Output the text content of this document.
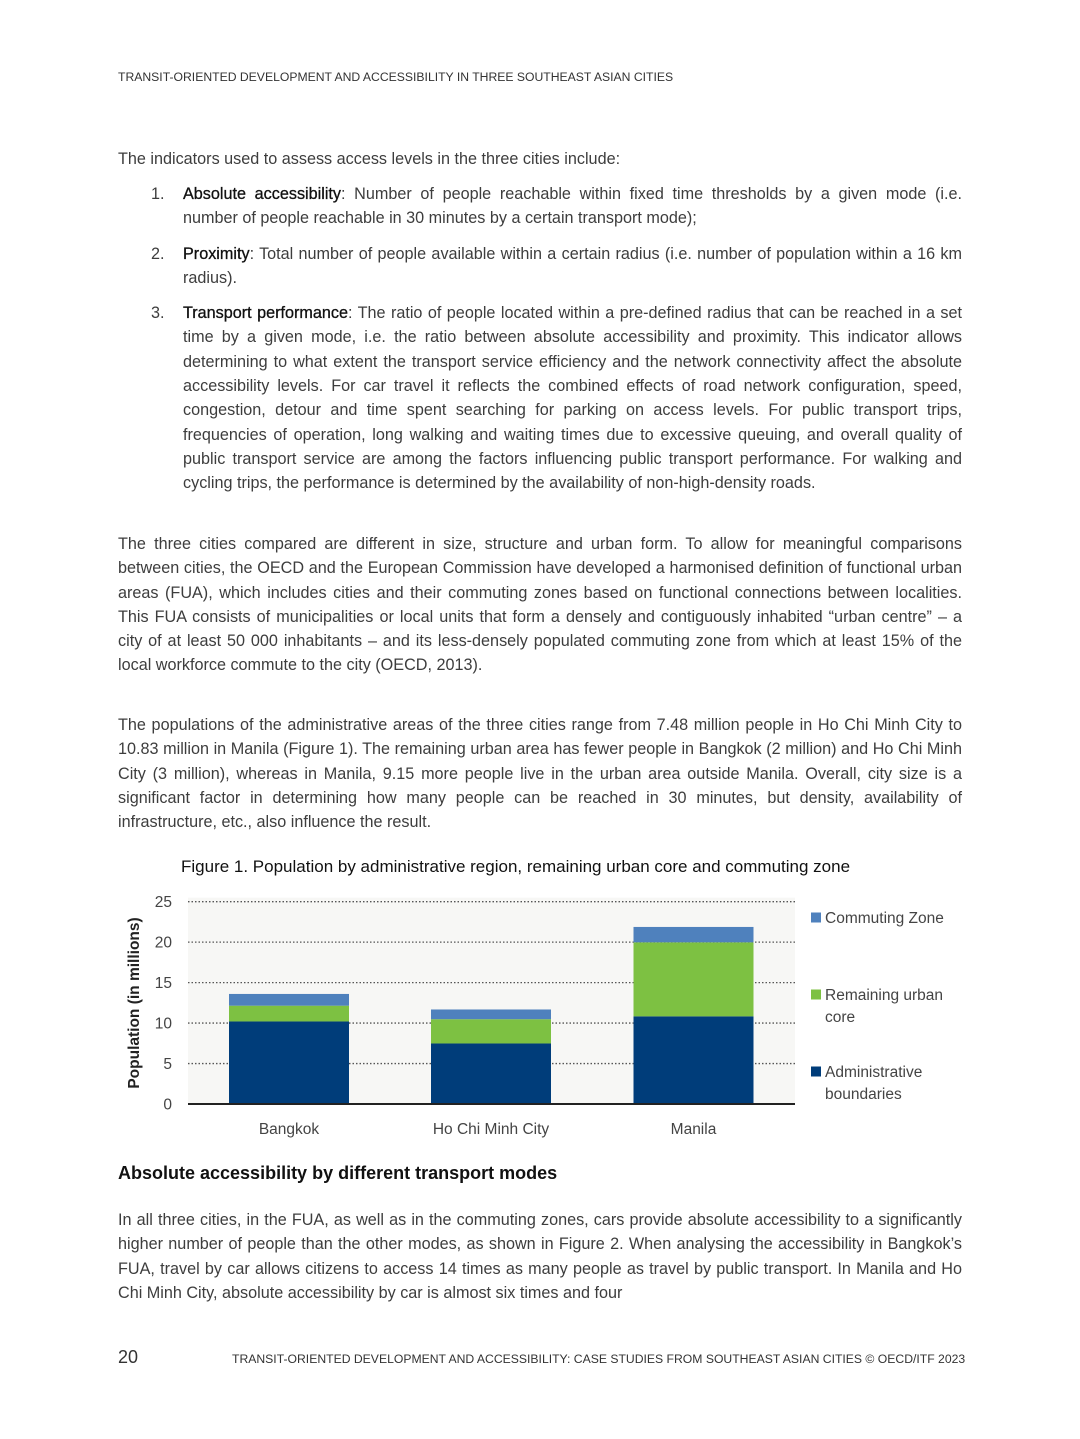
TRANSIT-ORIENTED DEVELOPMENT AND ACCESSIBILITY IN THREE SOUTHEAST ASIAN CITIES
The indicators used to assess access levels in the three cities include:
1. Absolute accessibility: Number of people reachable within fixed time thresholds by a given mode (i.e. number of people reachable in 30 minutes by a certain transport mode);
2. Proximity: Total number of people available within a certain radius (i.e. number of population within a 16 km radius).
3. Transport performance: The ratio of people located within a pre-defined radius that can be reached in a set time by a given mode, i.e. the ratio between absolute accessibility and proximity. This indicator allows determining to what extent the transport service efficiency and the network connectivity affect the absolute accessibility levels. For car travel it reflects the combined effects of road network configuration, speed, congestion, detour and time spent searching for parking on access levels. For public transport trips, frequencies of operation, long walking and waiting times due to excessive queuing, and overall quality of public transport service are among the factors influencing public transport performance. For walking and cycling trips, the performance is determined by the availability of non-high-density roads.
The three cities compared are different in size, structure and urban form. To allow for meaningful comparisons between cities, the OECD and the European Commission have developed a harmonised definition of functional urban areas (FUA), which includes cities and their commuting zones based on functional connections between localities. This FUA consists of municipalities or local units that form a densely and contiguously inhabited “urban centre” – a city of at least 50 000 inhabitants – and its less-densely populated commuting zone from which at least 15% of the local workforce commute to the city (OECD, 2013).
The populations of the administrative areas of the three cities range from 7.48 million people in Ho Chi Minh City to 10.83 million in Manila (Figure 1). The remaining urban area has fewer people in Bangkok (2 million) and Ho Chi Minh City (3 million), whereas in Manila, 9.15 more people live in the urban area outside Manila. Overall, city size is a significant factor in determining how many people can be reached in 30 minutes, but density, availability of infrastructure, etc., also influence the result.
Figure 1. Population by administrative region, remaining urban core and commuting zone
0
5
10
15
20
25
Population (in millions)
Bangkok	Ho Chi Minh City	Manila
Commuting Zone
Remaining urban
core
Administrative
boundaries
Absolute accessibility by different transport modes
In all three cities, in the FUA, as well as in the commuting zones, cars provide absolute accessibility to a significantly higher number of people than the other modes, as shown in Figure 2. When analysing the accessibility in Bangkok’s FUA, travel by car allows citizens to access 14 times as many people as travel by public transport. In Manila and Ho Chi Minh City, absolute accessibility by car is almost six times and four
20	TRANSIT-ORIENTED DEVELOPMENT AND ACCESSIBILITY: CASE STUDIES FROM SOUTHEAST ASIAN CITIES © OECD/ITF 2023
